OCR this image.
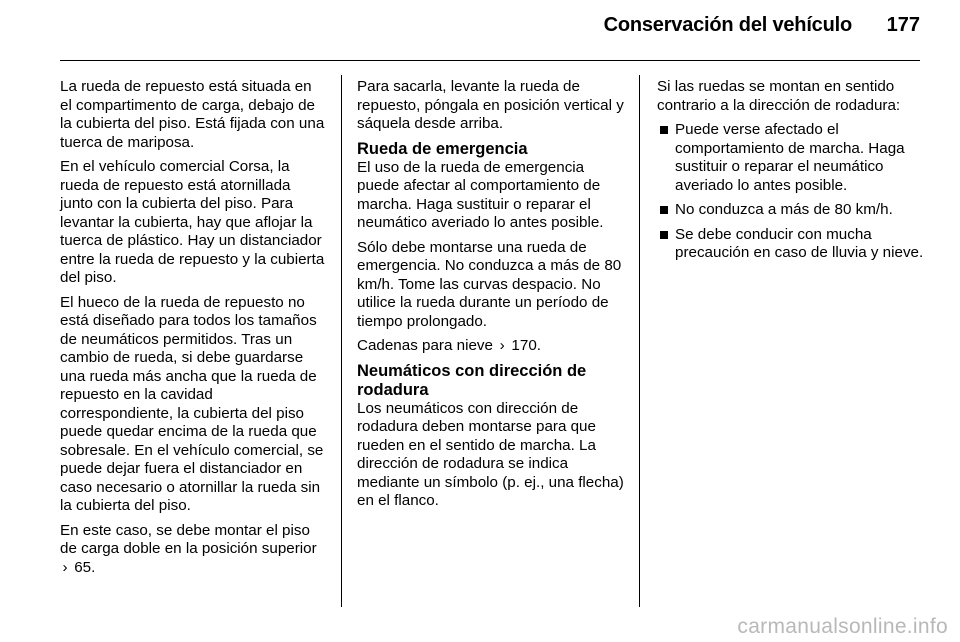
Conservación del vehículo 177

La rueda de repuesto está situada en el compartimento de carga, debajo de la cubierta del piso. Está fijada con una tuerca de mariposa.

En el vehículo comercial Corsa, la rueda de repuesto está atornillada junto con la cubierta del piso. Para levantar la cubierta, hay que aflojar la tuerca de plástico. Hay un distanciador entre la rueda de repuesto y la cubierta del piso.

El hueco de la rueda de repuesto no está diseñado para todos los tamaños de neumáticos permitidos. Tras un cambio de rueda, si debe guardarse una rueda más ancha que la rueda de repuesto en la cavidad correspondiente, la cubierta del piso puede quedar encima de la rueda que sobresale. En el vehículo comercial, se puede dejar fuera el distanciador en caso necesario o atornillar la rueda sin la cubierta del piso.

En este caso, se debe montar el piso de carga doble en la posición superior › 65.

Para sacarla, levante la rueda de repuesto, póngala en posición vertical y sáquela desde arriba.

Rueda de emergencia

El uso de la rueda de emergencia puede afectar al comportamiento de marcha. Haga sustituir o reparar el neumático averiado lo antes posible.

Sólo debe montarse una rueda de emergencia. No conduzca a más de 80 km/h. Tome las curvas despacio. No utilice la rueda durante un período de tiempo prolongado.

Cadenas para nieve › 170.

Neumáticos con dirección de rodadura

Los neumáticos con dirección de rodadura deben montarse para que rueden en el sentido de marcha. La dirección de rodadura se indica mediante un símbolo (p. ej., una flecha) en el flanco.

Si las ruedas se montan en sentido contrario a la dirección de rodadura:

Puede verse afectado el comportamiento de marcha. Haga sustituir o reparar el neumático averiado lo antes posible.
No conduzca a más de 80 km/h.
Se debe conducir con mucha precaución en caso de lluvia y nieve.
carmanualsonline.info
